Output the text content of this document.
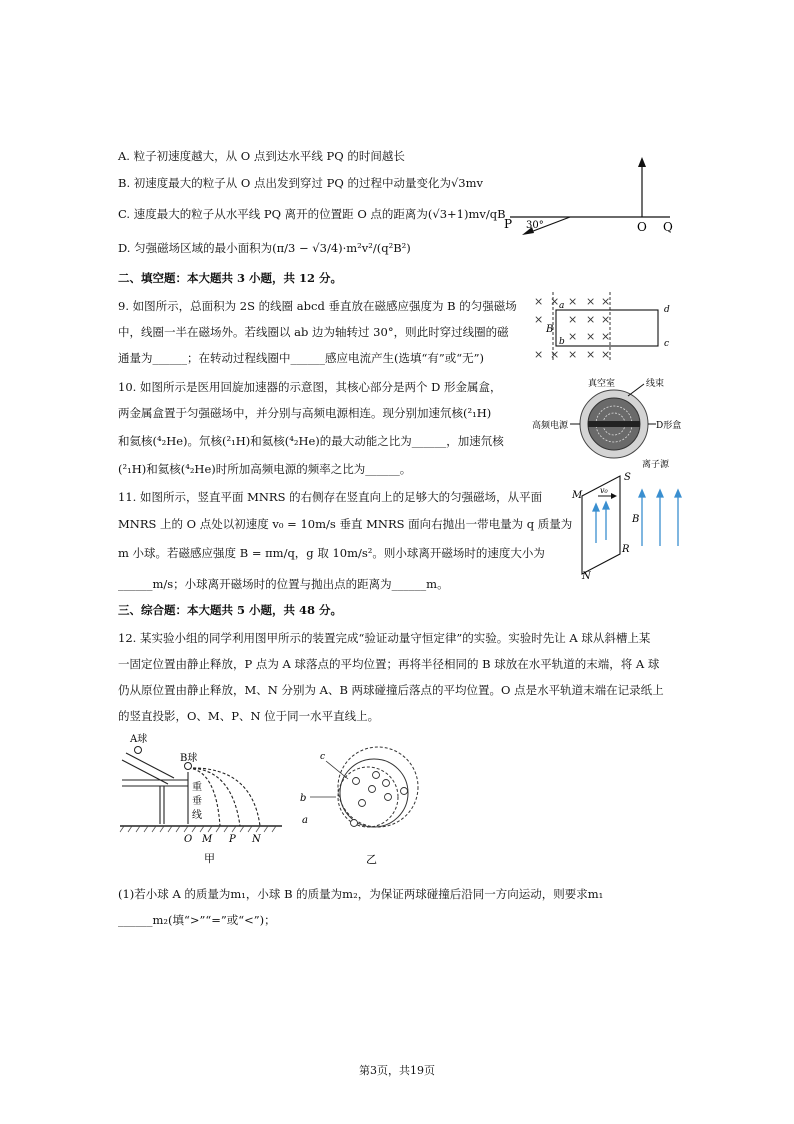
A. 粒子初速度越大，从 O 点到达水平线 PQ 的时间越长
B. 初速度最大的粒子从 O 点出发到穿过 PQ 的过程中动量变化为√3mv
C. 速度最大的粒子从水平线 PQ 离开的位置距 O 点的距离为(√3+1)mv/qB
D. 匀强磁场区域的最小面积为(π/3 − √3/4)·m²v²/(q²B²)
P 30°	O Q
二、填空题：本大题共 3 小题，共 12 分。
9. 如图所示，总面积为 2S 的线圈 abcd 垂直放在磁感应强度为 B 的匀强磁场
中，线圈一半在磁场外。若线圈以 ab 边为轴转过 30°，则此时穿过线圈的磁
通量为______；在转动过程线圈中______感应电流产生(选填“有”或“无”)
× × × × ×
× × × ×
× × ×
× × × × ×
a
b	c
d
B
10. 如图所示是医用回旋加速器的示意图，其核心部分是两个 D 形金属盒，
两金属盒置于匀强磁场中，并分别与高频电源相连。现分别加速氘核(²₁H)
和氦核(⁴₂He)。氘核(²₁H)和氦核(⁴₂He)的最大动能之比为______，加速氘核
(²₁H)和氦核(⁴₂He)时所加高频电源的频率之比为______。
真空室	线束
高频电源	D形盒
离子源
11. 如图所示，竖直平面 MNRS 的右侧存在竖直向上的足够大的匀强磁场，从平面
MNRS 上的 O 点处以初速度 v₀ = 10m/s 垂直 MNRS 面向右抛出一带电量为 q 质量为
m 小球。若磁感应强度 B = πm/q，g 取 10m/s²。则小球离开磁场时的速度大小为
______m/s；小球离开磁场时的位置与抛出点的距离为______m。
S
M
R
N
v₀
B
三、综合题：本大题共 5 小题，共 48 分。
12. 某实验小组的同学利用图甲所示的装置完成“验证动量守恒定律”的实验。实验时先让 A 球从斜槽上某
一固定位置由静止释放，P 点为 A 球落点的平均位置；再将半径相同的 B 球放在水平轨道的末端，将 A 球
仍从原位置由静止释放，M、N 分别为 A、B 两球碰撞后落点的平均位置。O 点是水平轨道末端在记录纸上
的竖直投影，O、M、P、N 位于同一水平直线上。
A球
B球
重
垂
线
O M P N
甲
c
b
a
乙
(1)若小球 A 的质量为m₁，小球 B 的质量为m₂，为保证两球碰撞后沿同一方向运动，则要求m₁
______m₂(填“>”“=”或“<”)；
第3页，共19页
